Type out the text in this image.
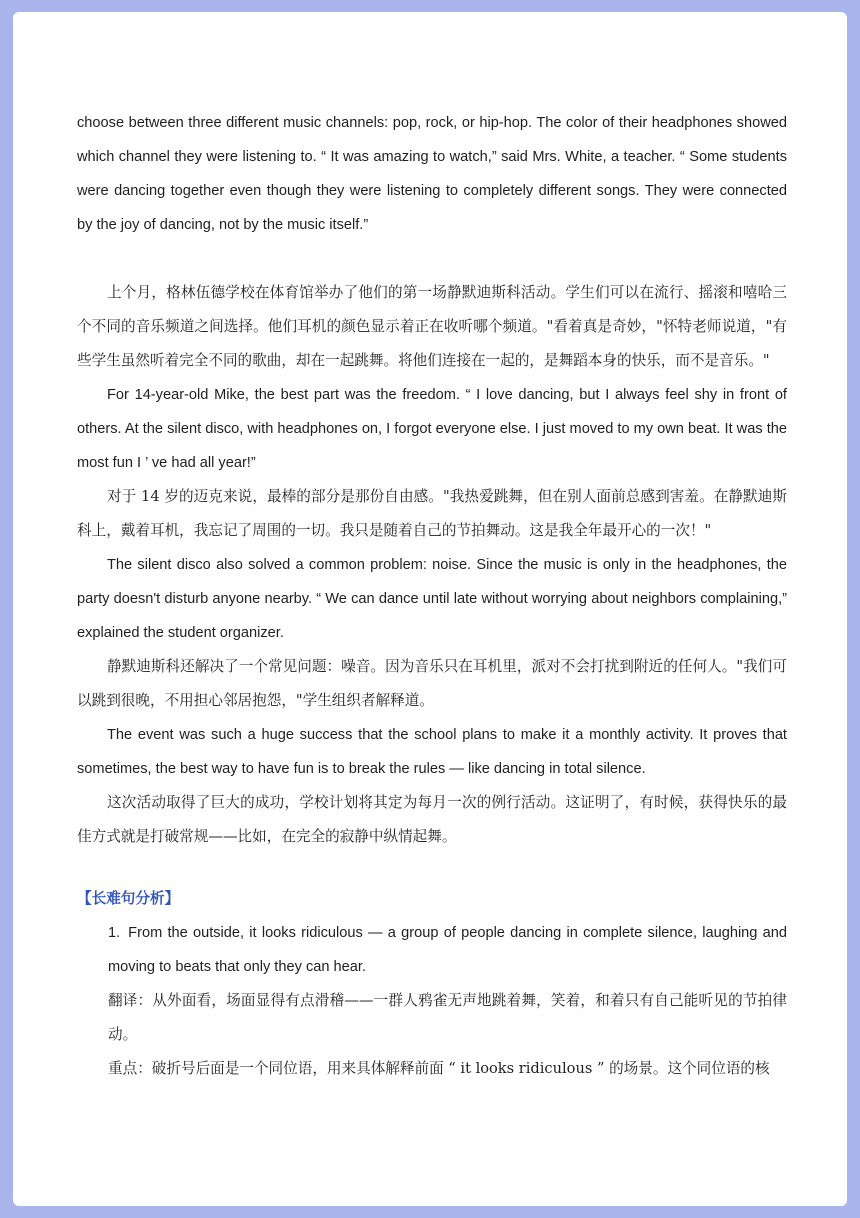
choose between three different music channels: pop, rock, or hip-hop. The color of their headphones showed which channel they were listening to. “ It was amazing to watch,” said Mrs. White, a teacher. “ Some students were dancing together even though they were listening to completely different songs. They were connected by the joy of dancing, not by the music itself.”

上个月，格林伍德学校在体育馆举办了他们的第一场静默迪斯科活动。学生们可以在流行、摇滚和嘻哈三个不同的音乐频道之间选择。他们耳机的颜色显示着正在收听哪个频道。"看着真是奇妙，"怀特老师说道，"有些学生虽然听着完全不同的歌曲，却在一起跳舞。将他们连接在一起的，是舞蹈本身的快乐，而不是音乐。"

For 14-year-old Mike, the best part was the freedom. “ I love dancing, but I always feel shy in front of others. At the silent disco, with headphones on, I forgot everyone else. I just moved to my own beat. It was the most fun I ’ ve had all year!”

对于 14 岁的迈克来说，最棒的部分是那份自由感。"我热爱跳舞，但在别人面前总感到害羞。在静默迪斯科上，戴着耳机，我忘记了周围的一切。我只是随着自己的节拍舞动。这是我全年最开心的一次！"

The silent disco also solved a common problem: noise. Since the music is only in the headphones, the party doesn't disturb anyone nearby. “ We can dance until late without worrying about neighbors complaining,” explained the student organizer.

静默迪斯科还解决了一个常见问题：噪音。因为音乐只在耳机里，派对不会打扰到附近的任何人。"我们可以跳到很晚，不用担心邻居抱怨，"学生组织者解释道。

The event was such a huge success that the school plans to make it a monthly activity. It proves that sometimes, the best way to have fun is to break the rules — like dancing in total silence.

这次活动取得了巨大的成功，学校计划将其定为每月一次的例行活动。这证明了，有时候，获得快乐的最佳方式就是打破常规——比如，在完全的寂静中纵情起舞。

【长难句分析】

1. From the outside, it looks ridiculous — a group of people dancing in complete silence, laughing and moving to beats that only they can hear.

翻译：从外面看，场面显得有点滑稽——一群人鸦雀无声地跳着舞，笑着，和着只有自己能听见的节拍律动。

重点：破折号后面是一个同位语，用来具体解释前面 “ it looks ridiculous ” 的场景。这个同位语的核
